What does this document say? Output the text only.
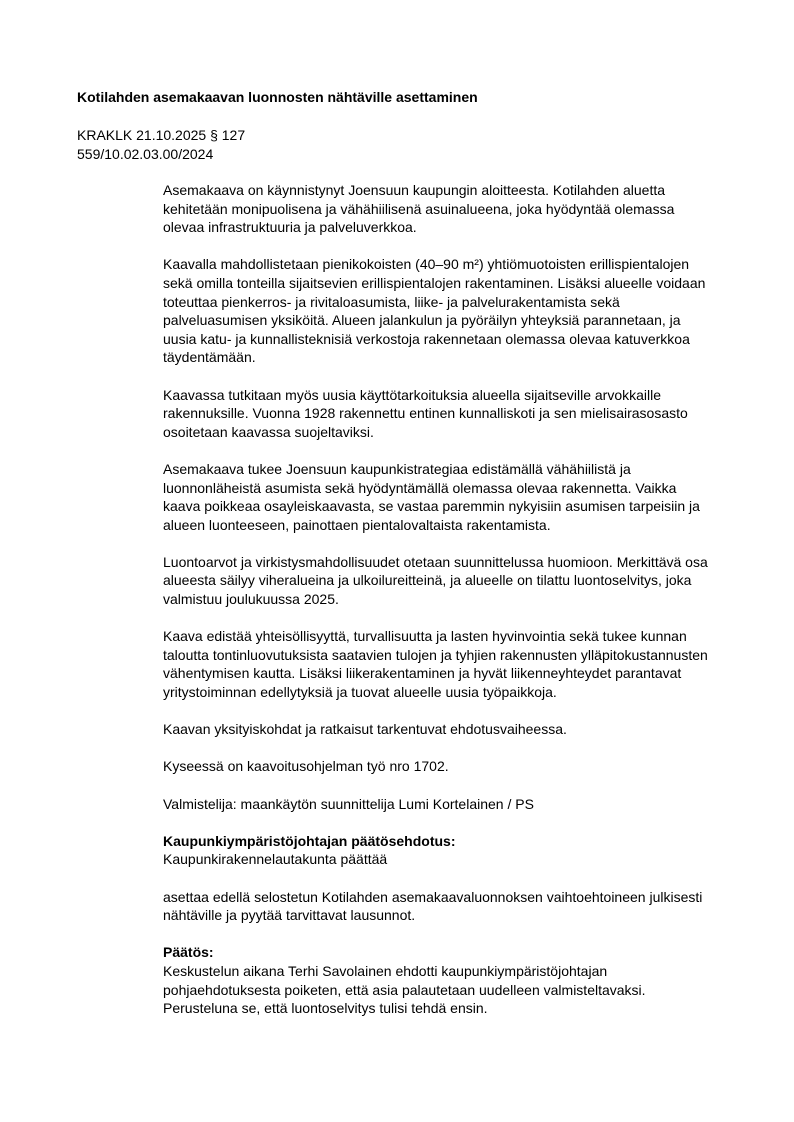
Kotilahden asemakaavan luonnosten nähtäville asettaminen
KRAKLK 21.10.2025 § 127
559/10.02.03.00/2024
Asemakaava on käynnistynyt Joensuun kaupungin aloitteesta. Kotilahden aluetta
kehitetään monipuolisena ja vähähiilisenä asuinalueena, joka hyödyntää olemassa
olevaa infrastruktuuria ja palveluverkkoa.
Kaavalla mahdollistetaan pienikokoisten (40–90 m²) yhtiömuotoisten erillispientalojen
sekä omilla tonteilla sijaitsevien erillispientalojen rakentaminen. Lisäksi alueelle voidaan
toteuttaa pienkerros- ja rivitaloasumista, liike- ja palvelurakentamista sekä
palveluasumisen yksiköitä. Alueen jalankulun ja pyöräilyn yhteyksiä parannetaan, ja
uusia katu- ja kunnallisteknisiä verkostoja rakennetaan olemassa olevaa katuverkkoa
täydentämään.
Kaavassa tutkitaan myös uusia käyttötarkoituksia alueella sijaitseville arvokkaille
rakennuksille. Vuonna 1928 rakennettu entinen kunnalliskoti ja sen mielisairasosasto
osoitetaan kaavassa suojeltaviksi.
Asemakaava tukee Joensuun kaupunkistrategiaa edistämällä vähähiilistä ja
luonnonläheistä asumista sekä hyödyntämällä olemassa olevaa rakennetta. Vaikka
kaava poikkeaa osayleiskaavasta, se vastaa paremmin nykyisiin asumisen tarpeisiin ja
alueen luonteeseen, painottaen pientalovaltaista rakentamista.
Luontoarvot ja virkistysmahdollisuudet otetaan suunnittelussa huomioon. Merkittävä osa
alueesta säilyy viheralueina ja ulkoilureitteinä, ja alueelle on tilattu luontoselvitys, joka
valmistuu joulukuussa 2025.
Kaava edistää yhteisöllisyyttä, turvallisuutta ja lasten hyvinvointia sekä tukee kunnan
taloutta tontinluovutuksista saatavien tulojen ja tyhjien rakennusten ylläpitokustannusten
vähentymisen kautta. Lisäksi liikerakentaminen ja hyvät liikenneyhteydet parantavat
yritystoiminnan edellytyksiä ja tuovat alueelle uusia työpaikkoja.
Kaavan yksityiskohdat ja ratkaisut tarkentuvat ehdotusvaiheessa.
Kyseessä on kaavoitusohjelman työ nro 1702.
Valmistelija: maankäytön suunnittelija Lumi Kortelainen / PS
Kaupunkiympäristöjohtajan päätösehdotus:
Kaupunkirakennelautakunta päättää
asettaa edellä selostetun Kotilahden asemakaavaluonnoksen vaihtoehtoineen julkisesti
nähtäville ja pyytää tarvittavat lausunnot.
Päätös:
Keskustelun aikana Terhi Savolainen ehdotti kaupunkiympäristöjohtajan
pohjaehdotuksesta poiketen, että asia palautetaan uudelleen valmisteltavaksi.
Perusteluna se, että luontoselvitys tulisi tehdä ensin.
